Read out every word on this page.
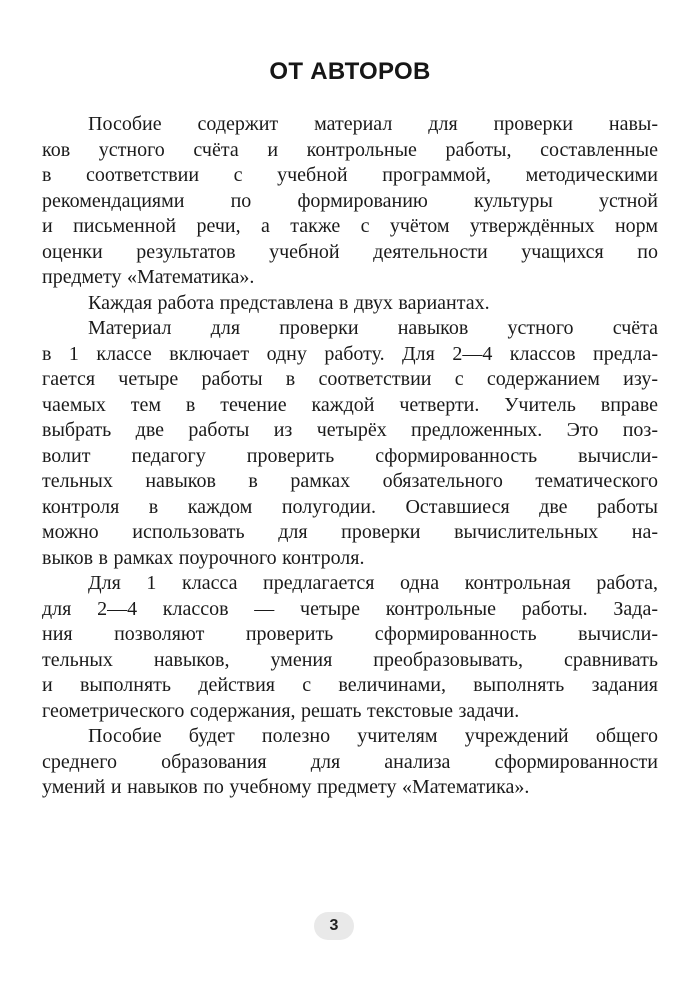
ОТ АВТОРОВ
Пособие содержит материал для проверки навы-
ков устного счёта и контрольные работы, составленные
в соответствии с учебной программой, методическими
рекомендациями по формированию культуры устной
и письменной речи, а также с учётом утверждённых норм
оценки результатов учебной деятельности учащихся по
предмету «Математика».
Каждая работа представлена в двух вариантах.
Материал для проверки навыков устного счёта
в 1 классе включает одну работу. Для 2—4 классов предла-
гается четыре работы в соответствии с содержанием изу-
чаемых тем в течение каждой четверти. Учитель вправе
выбрать две работы из четырёх предложенных. Это поз-
волит педагогу проверить сформированность вычисли-
тельных навыков в рамках обязательного тематического
контроля в каждом полугодии. Оставшиеся две работы
можно использовать для проверки вычислительных на-
выков в рамках поурочного контроля.
Для 1 класса предлагается одна контрольная работа,
для 2—4 классов — четыре контрольные работы. Зада-
ния позволяют проверить сформированность вычисли-
тельных навыков, умения преобразовывать, сравнивать
и выполнять действия с величинами, выполнять задания
геометрического содержания, решать текстовые задачи.
Пособие будет полезно учителям учреждений общего
среднего образования для анализа сформированности
умений и навыков по учебному предмету «Математика».
3
